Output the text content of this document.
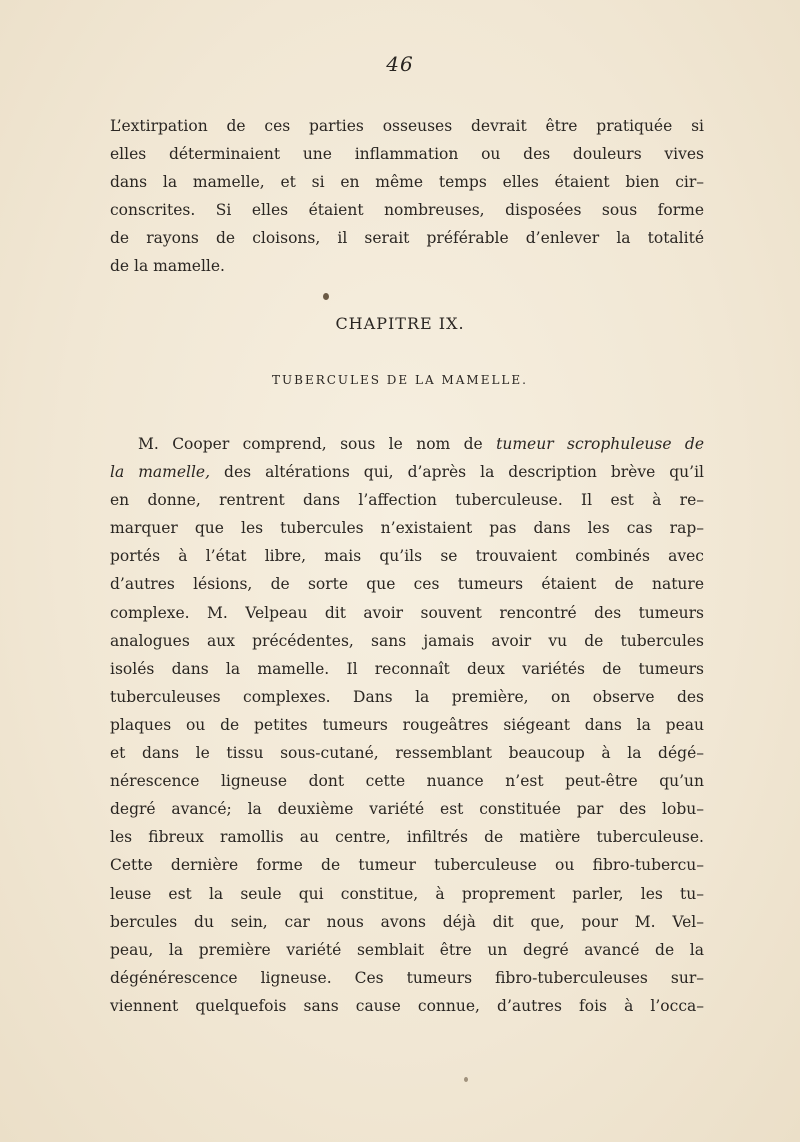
46
L’extirpation de ces parties osseuses devrait être pratiquée si
elles déterminaient une inflammation ou des douleurs vives
dans la mamelle, et si en même temps elles étaient bien cir–
conscrites. Si elles étaient nombreuses, disposées sous forme
de rayons de cloisons, il serait préférable d’enlever la totalité
de la mamelle.
CHAPITRE IX.
TUBERCULES DE LA MAMELLE.
M. Cooper comprend, sous le nom de tumeur scrophuleuse de
la mamelle, des altérations qui, d’après la description brève qu’il
en donne, rentrent dans l’affection tuberculeuse. Il est à re–
marquer que les tubercules n’existaient pas dans les cas rap–
portés à l’état libre, mais qu’ils se trouvaient combinés avec
d’autres lésions, de sorte que ces tumeurs étaient de nature
complexe. M. Velpeau dit avoir souvent rencontré des tumeurs
analogues aux précédentes, sans jamais avoir vu de tubercules
isolés dans la mamelle. Il reconnaît deux variétés de tumeurs
tuberculeuses complexes. Dans la première, on observe des
plaques ou de petites tumeurs rougeâtres siégeant dans la peau
et dans le tissu sous-cutané, ressemblant beaucoup à la dégé–
nérescence ligneuse dont cette nuance n’est peut-être qu’un
degré avancé; la deuxième variété est constituée par des lobu–
les fibreux ramollis au centre, infiltrés de matière tuberculeuse.
Cette dernière forme de tumeur tuberculeuse ou fibro-tubercu–
leuse est la seule qui constitue, à proprement parler, les tu–
bercules du sein, car nous avons déjà dit que, pour M. Vel–
peau, la première variété semblait être un degré avancé de la
dégénérescence ligneuse. Ces tumeurs fibro-tuberculeuses sur–
viennent quelquefois sans cause connue, d’autres fois à l’occa–
